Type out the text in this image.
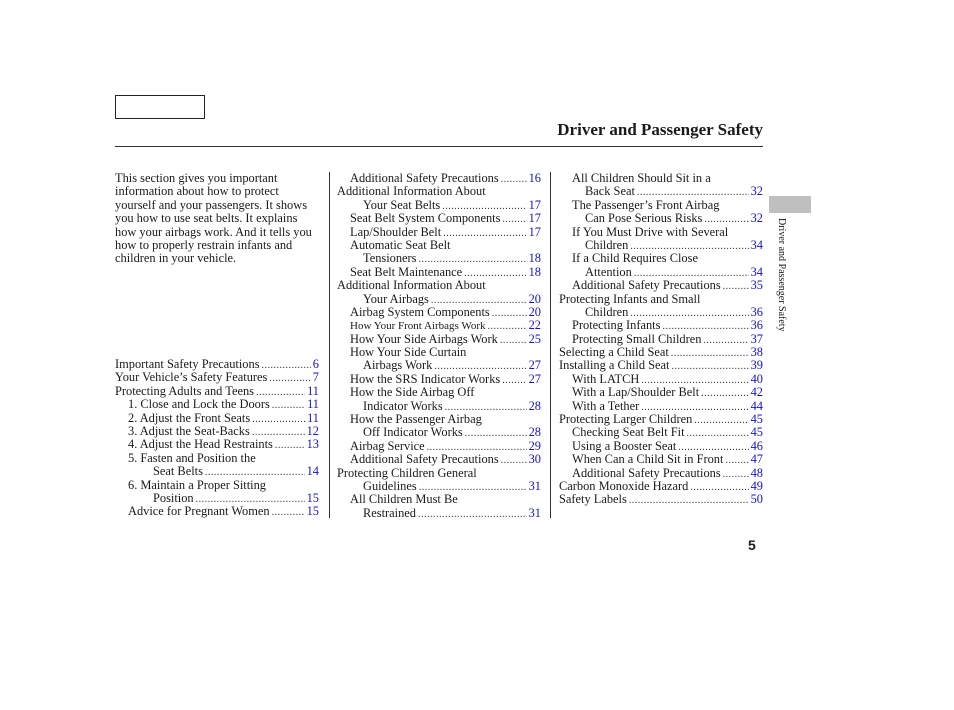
Driver and Passenger Safety
Driver and Passenger Safety

This section gives you important information about how to protect yourself and your passengers. It shows you how to use seat belts. It explains how your airbags work. And it tells you how to properly restrain infants and children in your vehicle.

Important Safety Precautions .....	6
Your Vehicle’s Safety Features .....	7
Protecting Adults and Teens .....	11
1. Close and Lock the Doors .....	11
2. Adjust the Front Seats .....	11
3. Adjust the Seat-Backs .....	12
4. Adjust the Head Restraints .....	13
5. Fasten and Position the
Seat Belts .....	14
6. Maintain a Proper Sitting
Position .....	15
Advice for Pregnant Women .....	15
Additional Safety Precautions ..... 16
Additional Information About
Your Seat Belts .....	17
Seat Belt System Components ..... 17
Lap/Shoulder Belt .....	17
Automatic Seat Belt
Tensioners .....	18
Seat Belt Maintenance .....	18
Additional Information About
Your Airbags .....	20
Airbag System Components .....	20
How Your Front Airbags Work .....	22
How Your Side Airbags Work ..... 25
How Your Side Curtain
Airbags Work .....	27
How the SRS Indicator Works ..... 27
How the Side Airbag Off
Indicator Works .....	28
How the Passenger Airbag
Off Indicator Works .....	28
Airbag Service .....	29
Additional Safety Precautions ..... 30
Protecting Children General
Guidelines .....	31
All Children Must Be
Restrained .....	31
All Children Should Sit in a
Back Seat .....	32
The Passenger’s Front Airbag
Can Pose Serious Risks .....	32
If You Must Drive with Several
Children .....	34
If a Child Requires Close
Attention .....	34
Additional Safety Precautions ..... 35
Protecting Infants and Small
Children .....	36
Protecting Infants .....	36
Protecting Small Children .....	37
Selecting a Child Seat .....	38
Installing a Child Seat .....	39
With LATCH .....	40
With a Lap/Shoulder Belt .....	42
With a Tether .....	44
Protecting Larger Children .....	45
Checking Seat Belt Fit .....	45
Using a Booster Seat .....	46
When Can a Child Sit in Front ..... 47
Additional Safety Precautions ..... 48
Carbon Monoxide Hazard .....	49
Safety Labels .....	50
5
